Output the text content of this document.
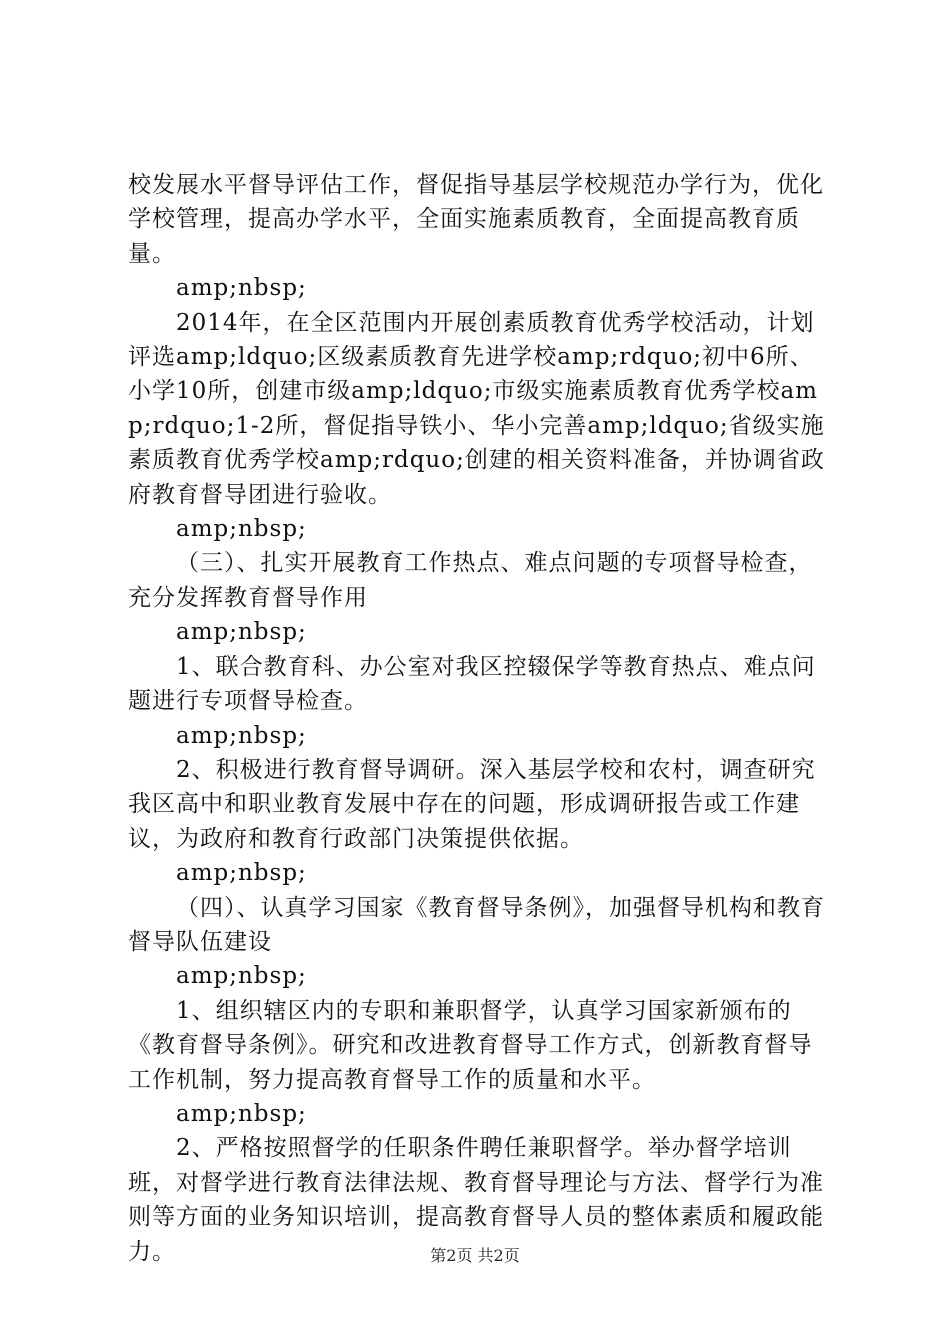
校发展水平督导评估工作，督促指导基层学校规范办学行为，优化学校管理，提高办学水平，全面实施素质教育，全面提高教育质量。

amp;nbsp;

2014年，在全区范围内开展创素质教育优秀学校活动，计划评选amp;ldquo;区级素质教育先进学校amp;rdquo;初中6所、小学10所，创建市级amp;ldquo;市级实施素质教育优秀学校amp;rdquo;1-2所，督促指导铁小、华小完善amp;ldquo;省级实施素质教育优秀学校amp;rdquo;创建的相关资料准备，并协调省政府教育督导团进行验收。

amp;nbsp;

（三）、扎实开展教育工作热点、难点问题的专项督导检查，充分发挥教育督导作用

amp;nbsp;

1、联合教育科、办公室对我区控辍保学等教育热点、难点问题进行专项督导检查。

amp;nbsp;

2、积极进行教育督导调研。深入基层学校和农村，调查研究我区高中和职业教育发展中存在的问题，形成调研报告或工作建议，为政府和教育行政部门决策提供依据。

amp;nbsp;

（四）、认真学习国家《教育督导条例》，加强督导机构和教育督导队伍建设

amp;nbsp;

1、组织辖区内的专职和兼职督学，认真学习国家新颁布的《教育督导条例》。研究和改进教育督导工作方式，创新教育督导工作机制，努力提高教育督导工作的质量和水平。

amp;nbsp;

2、严格按照督学的任职条件聘任兼职督学。举办督学培训班，对督学进行教育法律法规、教育督导理论与方法、督学行为准则等方面的业务知识培训，提高教育督导人员的整体素质和履政能力。	第2页 共2页
